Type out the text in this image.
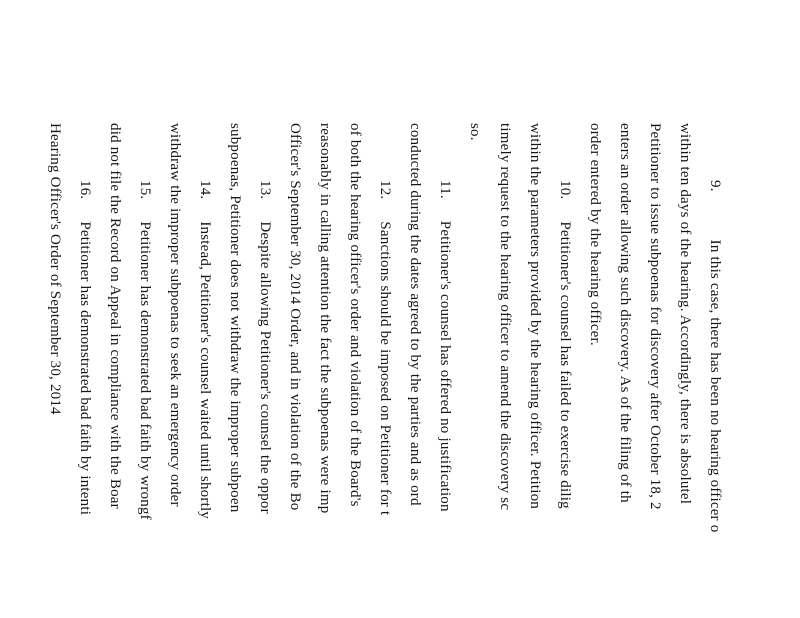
9.In this case, there has been no hearing officer o
within ten days of the hearing. Accordingly, there is absolutel
Petitioner to issue subpoenas for discovery after October 18, 2
enters an order allowing such discovery. As of the filing of th
order entered by the hearing officer.
10.Petitioner's counsel has failed to exercise dilig
within the parameters provided by the hearing officer. Petition
timely request to the hearing officer to amend the discovery sc
so.
11.Petitioner's counsel has offered no justification
conducted during the dates agreed to by the parties and as ord
12.Sanctions should be imposed on Petitioner for t
of both the hearing officer's order and violation of the Board's
reasonably in calling attention the fact the subpoenas were imp
Officer's September 30, 2014 Order, and in violation of the Bo
13.Despite allowing Petitioner's counsel the oppor
subpoenas, Petitioner does not withdraw the improper subpoen
14.Instead, Petitioner's counsel waited until shortly
withdraw the improper subpoenas to seek an emergency order
15.Petitioner has demonstrated bad faith by wrongf
did not file the Record on Appeal in compliance with the Boar
16.Petitioner has demonstrated bad faith by intenti
Hearing Officer's Order of September 30, 2014
